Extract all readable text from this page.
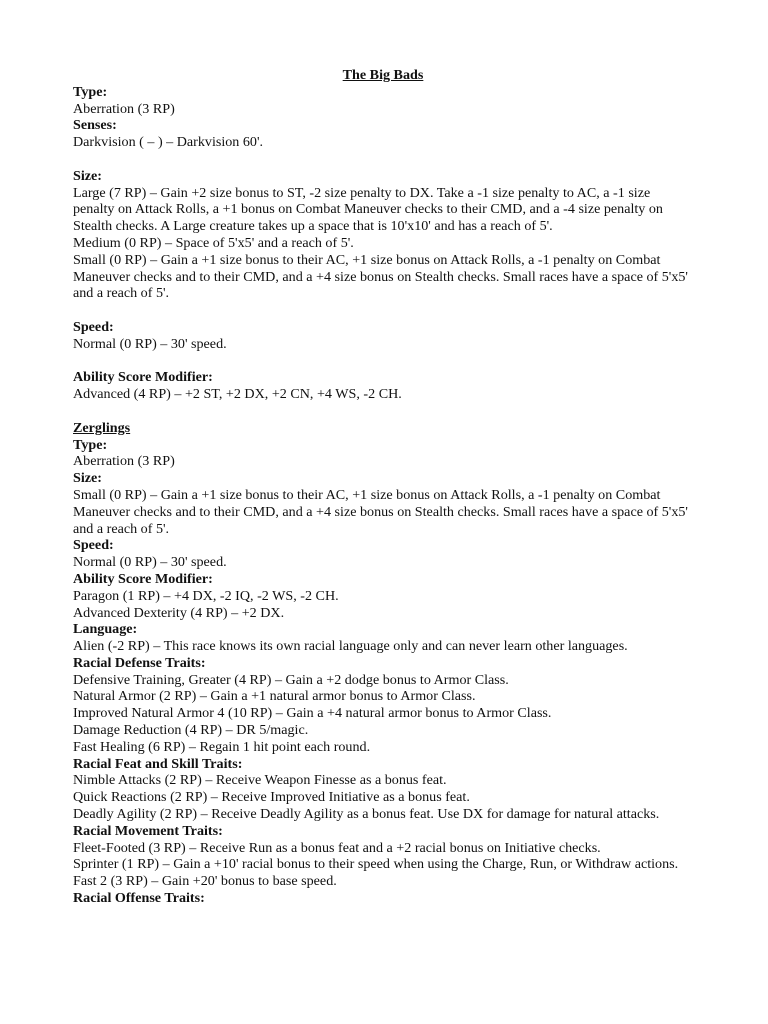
The Big Bads
Type:
Aberration (3 RP)
Senses:
Darkvision ( – ) – Darkvision 60'.
Size:
Large (7 RP) – Gain +2 size bonus to ST, -2 size penalty to DX. Take a -1 size penalty to AC, a -1 size penalty on Attack Rolls, a +1 bonus on Combat Maneuver checks to their CMD, and a -4 size penalty on Stealth checks. A Large creature takes up a space that is 10'x10' and has a reach of 5'.
Medium (0 RP) – Space of 5'x5' and a reach of 5'.
Small (0 RP) – Gain a +1 size bonus to their AC, +1 size bonus on Attack Rolls, a -1 penalty on Combat Maneuver checks and to their CMD, and a +4 size bonus on Stealth checks. Small races have a space of 5'x5' and a reach of 5'.
Speed:
Normal (0 RP) – 30' speed.
Ability Score Modifier:
Advanced (4 RP) – +2 ST, +2 DX, +2 CN, +4 WS, -2 CH.
Zerglings
Type:
Aberration (3 RP)
Size:
Small (0 RP) – Gain a +1 size bonus to their AC, +1 size bonus on Attack Rolls, a -1 penalty on Combat Maneuver checks and to their CMD, and a +4 size bonus on Stealth checks. Small races have a space of 5'x5' and a reach of 5'.
Speed:
Normal (0 RP) – 30' speed.
Ability Score Modifier:
Paragon (1 RP) – +4 DX, -2 IQ, -2 WS, -2 CH.
Advanced Dexterity (4 RP) – +2 DX.
Language:
Alien (-2 RP) – This race knows its own racial language only and can never learn other languages.
Racial Defense Traits:
Defensive Training, Greater (4 RP) – Gain a +2 dodge bonus to Armor Class.
Natural Armor (2 RP) – Gain a +1 natural armor bonus to Armor Class.
Improved Natural Armor 4 (10 RP) – Gain a +4 natural armor bonus to Armor Class.
Damage Reduction (4 RP) – DR 5/magic.
Fast Healing (6 RP) – Regain 1 hit point each round.
Racial Feat and Skill Traits:
Nimble Attacks (2 RP) – Receive Weapon Finesse as a bonus feat.
Quick Reactions (2 RP) – Receive Improved Initiative as a bonus feat.
Deadly Agility (2 RP) – Receive Deadly Agility as a bonus feat. Use DX for damage for natural attacks.
Racial Movement Traits:
Fleet-Footed (3 RP) – Receive Run as a bonus feat and a +2 racial bonus on Initiative checks.
Sprinter (1 RP) – Gain a +10' racial bonus to their speed when using the Charge, Run, or Withdraw actions.
Fast 2 (3 RP) – Gain +20' bonus to base speed.
Racial Offense Traits:
